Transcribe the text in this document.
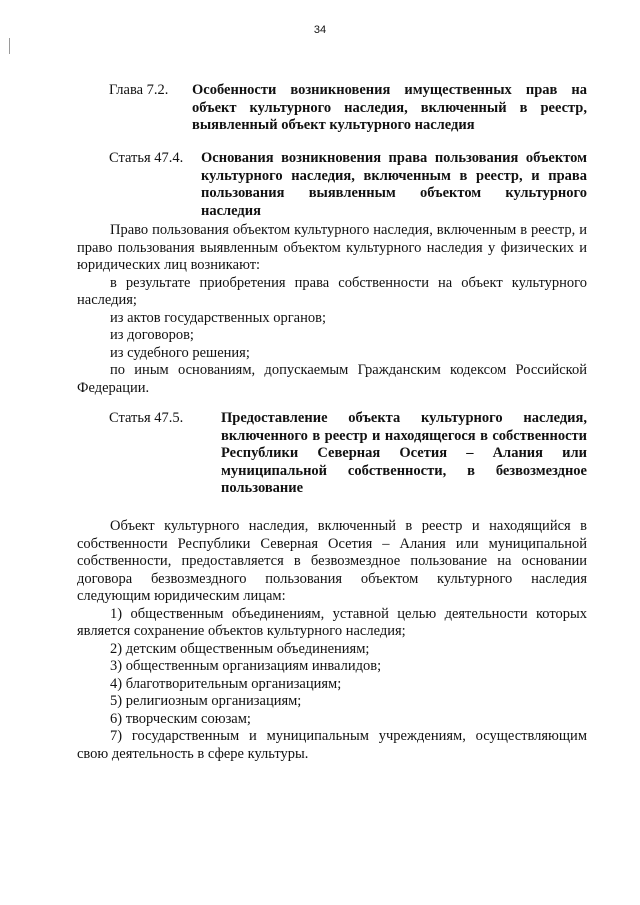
34
Глава 7.2.	Особенности возникновения имущественных прав на объект культурного наследия, включенный в реестр, выявленный объект культурного наследия
Статья 47.4.	Основания возникновения права пользования объектом культурного наследия, включенным в реестр, и права пользования выявленным объектом культурного наследия
Право пользования объектом культурного наследия, включенным в реестр, и право пользования выявленным объектом культурного наследия у физических и юридических лиц возникают:
в результате приобретения права собственности на объект культурного наследия;
из актов государственных органов;
из договоров;
из судебного решения;
по иным основаниям, допускаемым Гражданским кодексом Российской Федерации.
Статья 47.5.	Предоставление объекта культурного наследия, включенного в реестр и находящегося в собственности Республики Северная Осетия – Алания или муниципальной собственности, в безвозмездное пользование
Объект культурного наследия, включенный в реестр и находящийся в собственности Республики Северная Осетия – Алания или муниципальной собственности, предоставляется в безвозмездное пользование на основании договора безвозмездного пользования объектом культурного наследия следующим юридическим лицам:
1) общественным объединениям, уставной целью деятельности которых является сохранение объектов культурного наследия;
2) детским общественным объединениям;
3) общественным организациям инвалидов;
4) благотворительным организациям;
5) религиозным организациям;
6) творческим союзам;
7) государственным и муниципальным учреждениям, осуществляющим свою деятельность в сфере культуры.
